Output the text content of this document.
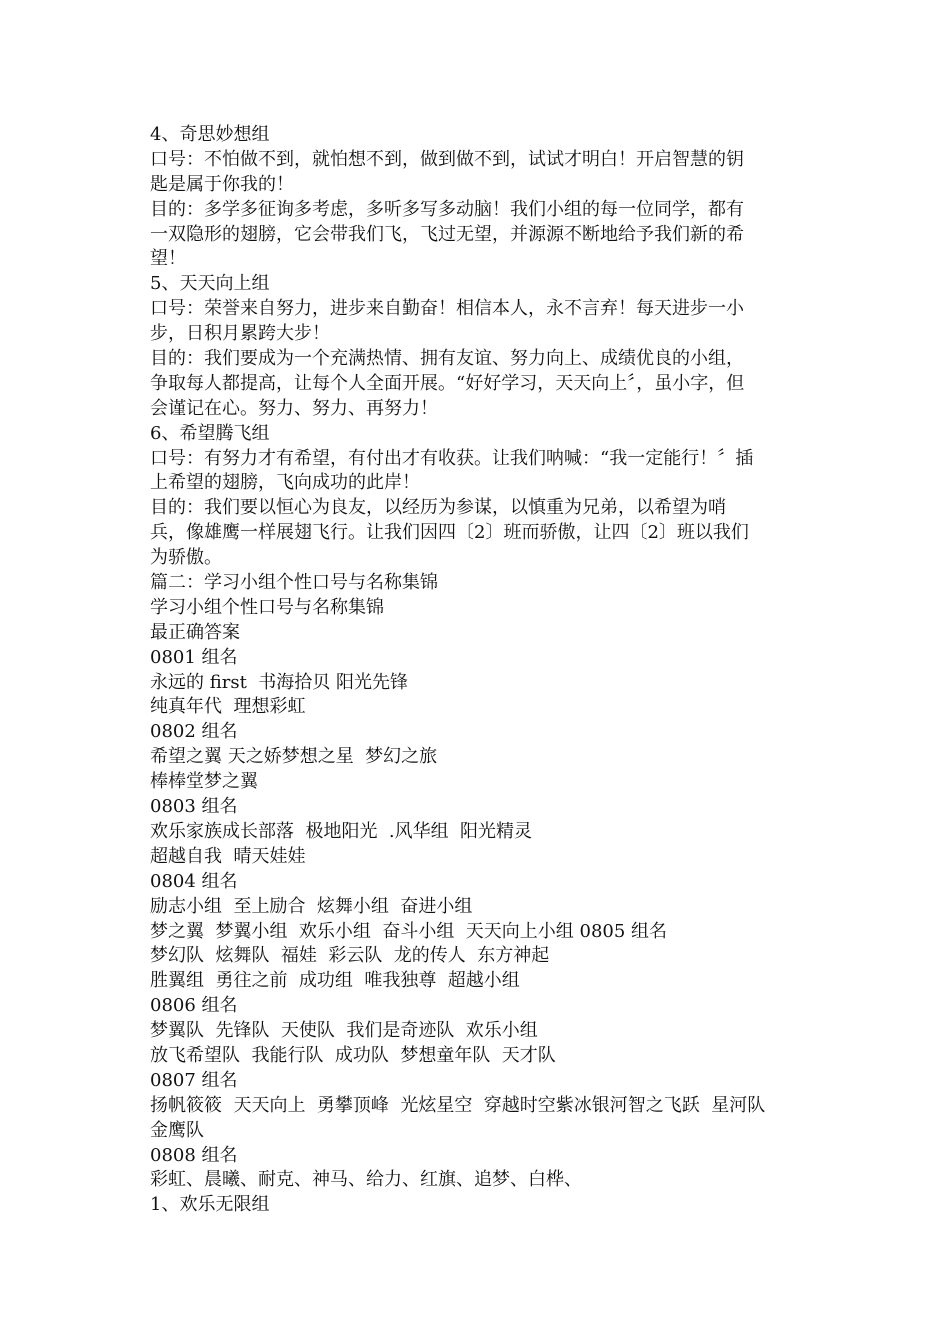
4、奇思妙想组
口号：不怕做不到，就怕想不到，做到做不到，试试才明白！开启智慧的钥
匙是属于你我的！
目的：多学多征询多考虑，多听多写多动脑！我们小组的每一位同学，都有
一双隐形的翅膀，它会带我们飞，飞过无望，并源源不断地给予我们新的希
望！
5、天天向上组
口号：荣誉来自努力，进步来自勤奋！相信本人，永不言弃！每天进步一小
步，日积月累跨大步！
目的：我们要成为一个充满热情、拥有友谊、努力向上、成绩优良的小组，
争取每人都提高，让每个人全面开展。“好好学习，天天向上〞，虽小字，但
会谨记在心。努力、努力、再努力！
6、希望腾飞组
口号：有努力才有希望，有付出才有收获。让我们呐喊：“我一定能行！〞插
上希望的翅膀，飞向成功的此岸！
目的：我们要以恒心为良友，以经历为参谋，以慎重为兄弟，以希望为哨
兵，像雄鹰一样展翅飞行。让我们因四〔2〕班而骄傲，让四〔2〕班以我们
为骄傲。
篇二：学习小组个性口号与名称集锦
学习小组个性口号与名称集锦
最正确答案
0801 组名
永远的 first  书海拾贝 阳光先锋
纯真年代  理想彩虹
0802 组名
希望之翼 天之娇梦想之星  梦幻之旅
棒棒堂梦之翼
0803 组名
欢乐家族成长部落  极地阳光  .风华组  阳光精灵
超越自我  晴天娃娃
0804 组名
励志小组  至上励合  炫舞小组  奋进小组
梦之翼  梦翼小组  欢乐小组  奋斗小组  天天向上小组 0805 组名
梦幻队  炫舞队  福娃  彩云队  龙的传人  东方神起
胜翼组  勇往之前  成功组  唯我独尊  超越小组
0806 组名
梦翼队  先锋队  天使队  我们是奇迹队  欢乐小组
放飞希望队  我能行队  成功队  梦想童年队  天才队
0807 组名
扬帆筱筱  天天向上  勇攀顶峰  光炫星空  穿越时空紫冰银河智之飞跃  星河队
金鹰队
0808 组名
彩虹、晨曦、耐克、神马、给力、红旗、追梦、白桦、
1、欢乐无限组
